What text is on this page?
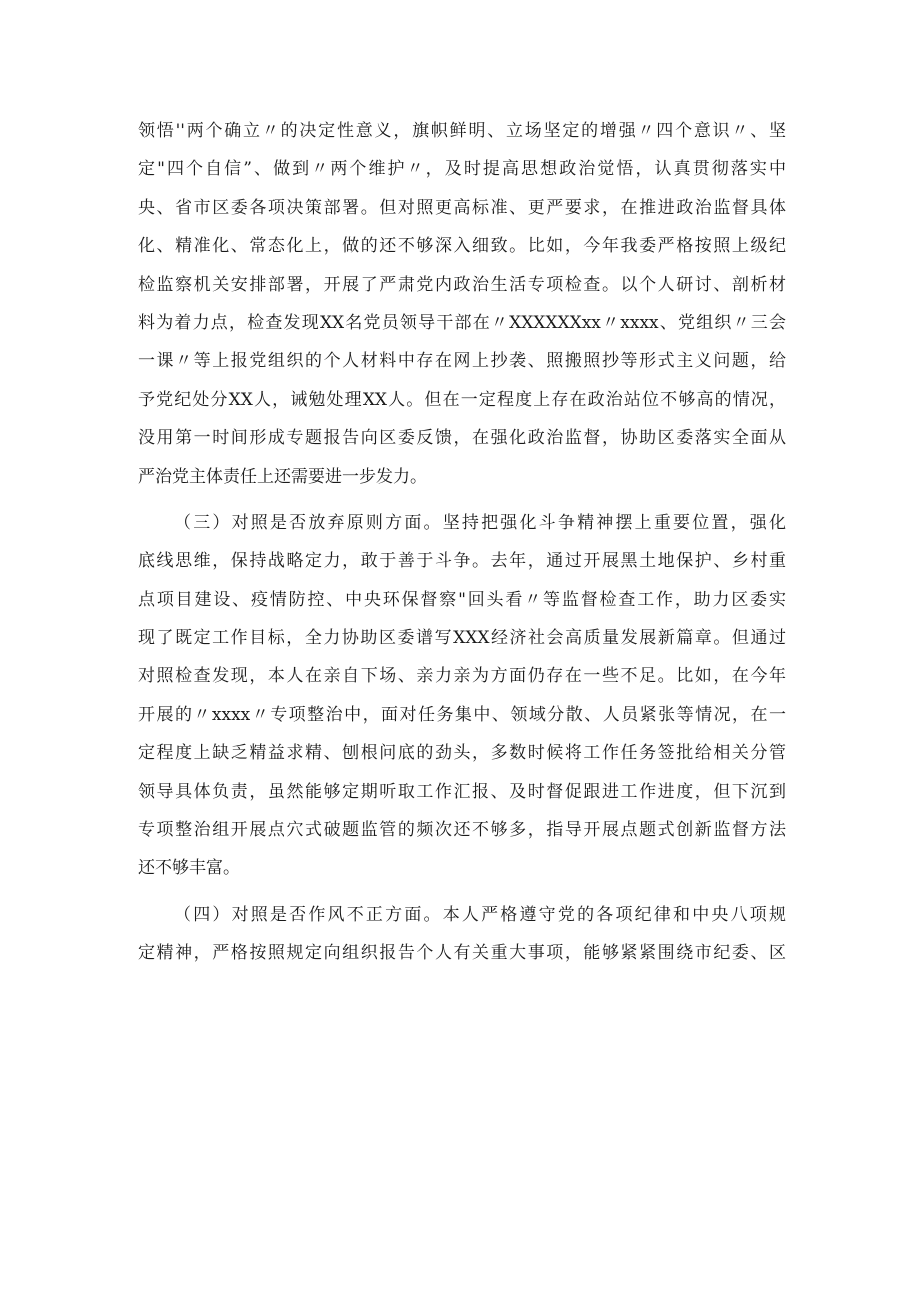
领悟''两个确立〃的决定性意义，旗帜鲜明、立场坚定的增强〃四个意识〃、坚
定"四个自信”、做到〃两个维护〃，及时提高思想政治觉悟，认真贯彻落实中
央、省市区委各项决策部署。但对照更高标准、更严要求，在推进政治监督具体
化、精准化、常态化上，做的还不够深入细致。比如，今年我委严格按照上级纪
检监察机关安排部署，开展了严肃党内政治生活专项检查。以个人研讨、剖析材
料为着力点，检查发现XX名党员领导干部在〃XXXXXXxx〃xxxx、党组织〃三会
一课〃等上报党组织的个人材料中存在网上抄袭、照搬照抄等形式主义问题，给
予党纪处分XX人，诫勉处理XX人。但在一定程度上存在政治站位不够高的情况，
没用第一时间形成专题报告向区委反馈，在强化政治监督，协助区委落实全面从
严治党主体责任上还需要进一步发力。
（三）对照是否放弃原则方面。坚持把强化斗争精神摆上重要位置，强化
底线思维，保持战略定力，敢于善于斗争。去年，通过开展黑土地保护、乡村重
点项目建设、疫情防控、中央环保督察"回头看〃等监督检查工作，助力区委实
现了既定工作目标，全力协助区委谱写XXX经济社会高质量发展新篇章。但通过
对照检查发现，本人在亲自下场、亲力亲为方面仍存在一些不足。比如，在今年
开展的〃xxxx〃专项整治中，面对任务集中、领域分散、人员紧张等情况，在一
定程度上缺乏精益求精、刨根问底的劲头，多数时候将工作任务签批给相关分管
领导具体负责，虽然能够定期听取工作汇报、及时督促跟进工作进度，但下沉到
专项整治组开展点穴式破题监管的频次还不够多，指导开展点题式创新监督方法
还不够丰富。
（四）对照是否作风不正方面。本人严格遵守党的各项纪律和中央八项规
定精神，严格按照规定向组织报告个人有关重大事项，能够紧紧围绕市纪委、区
